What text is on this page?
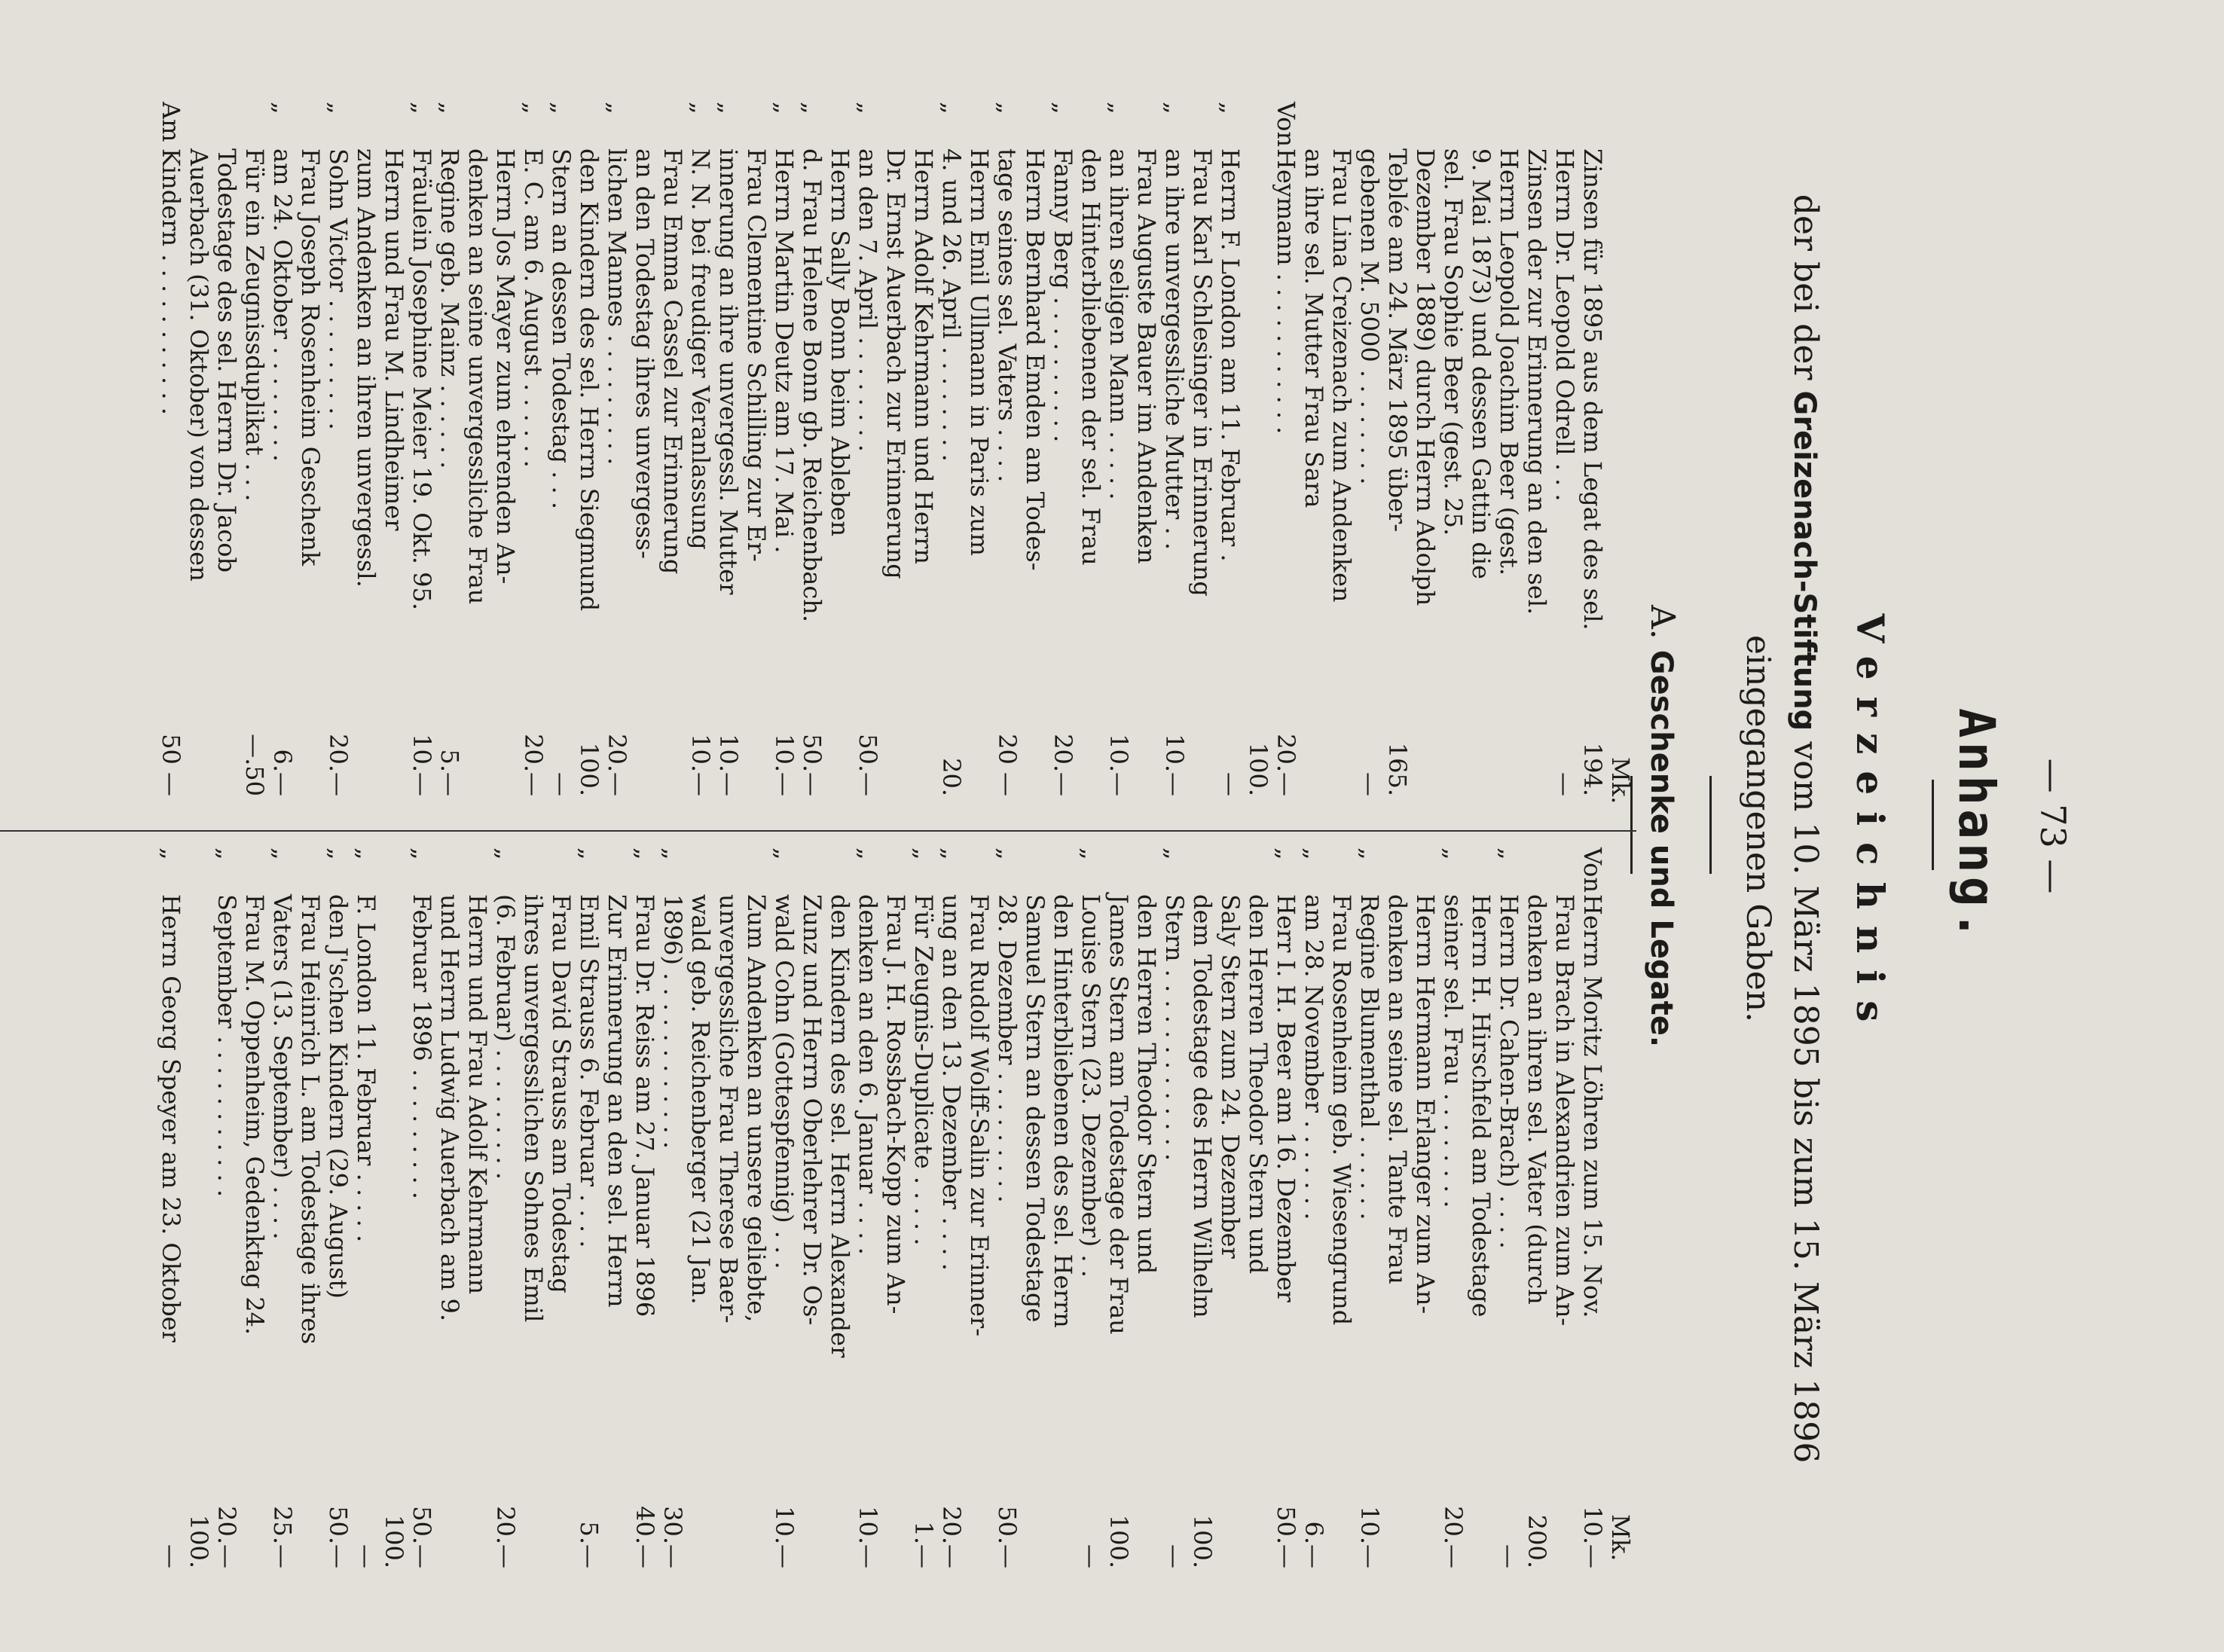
— 73 —
Anhang.
Verzeichnis
der bei der Greizenach-Stiftung vom 10. März 1895 bis zum 15. März 1896
eingegangenen Gaben.
A. Geschenke und Legate.
Mk.
Zinsen für 1895 aus dem Legat des sel.
Herrn Dr. Leopold Odrell . . .
194.—
Zinsen der zur Erinnerung an den sel.
Herrn Leopold Joachim Beer (gest.
9. Mai 1873) und dessen Gattin die
sel. Frau Sophie Beer (gest. 25.
Dezember 1889) durch Herrn Adolph
Teblée am 24. März 1895 über-
gebenen M. 5000 . . . . . . . .
165.—
Von
Frau Lina Creizenach zum Andenken
an ihre sel. Mutter Frau Sara
Heymann . . . . . . . . . . .
20.—
„
Herrn F. London am 11. Februar .
100.—
„
Frau Karl Schlesinger in Erinnerung
an ihre unvergessliche Mutter . .
10.—
„
Frau Auguste Bauer im Andenken
an ihren seligen Mann . . . . .
10.—
„
den Hinterbliebenen der sel. Frau
Fanny Berg . . . . . . . . . .
20.—
„
Herrn Bernhard Emden am Todes-
tage seines sel. Vaters . . . .
20 —
„
Herrn Emil Ullmann in Paris zum
4. und 26. April . . . . . . . .
20.
„
Herrn Adolf Kehrmann und Herrn
Dr. Ernst Auerbach zur Erinnerung
an den 7. April . . . . . . . .
50.—
„
Herrn Sally Bonn beim Ableben
d. Frau Helene Bonn gb. Reichenbach.
50.—
„
Herrn Martin Deutz am 17. Mai .
10.—
„
Frau Clementine Schilling zur Er-
innerung an ihre unvergessl. Mutter
10.—
„
N. N. bei freudiger Veranlassung
10.—
„
Frau Emma Cassel zur Erinnerung
an den Todestag ihres unvergess-
lichen Mannes . . . . . . . . .
20.—
„
den Kindern des sel. Herrn Siegmund
Stern an dessen Todestag . . .
100.—
„
E. C. am 6. August . . . . . .
20.—
„
Herrn Jos Mayer zum ehrenden An-
denken an seine unvergessliche Frau
Regine geb. Mainz . . . . . .
5.—
„
Fräulein Josephine Meier 19. Okt. 95.
10.—
„
Herrn und Frau M. Lindheimer
zum Andenken an ihren unvergessl.
Sohn Victor . . . . . . . . .
20.—
„
Frau Joseph Rosenheim Geschenk
am 24. Oktober . . . . . . . .
6.—
Für ein Zeugnissduplikat . . .
—.50
Am
Todestage des sel. Herrn Dr. Jacob
Auerbach (31. Oktober) von dessen
Kindern . . . . . . . . . . .
50 —
Mk.
Von
Herrn Moritz Löhren zum 15. Nov.
10.—
„
Frau Brach in Alexandrien zum An-
denken an ihren sel. Vater (durch
Herrn Dr. Cahen-Brach) . . . .
200.—
„
Herrn H. Hirschfeld am Todestage
seiner sel. Frau . . . . . . . .
20.—
„
Herrn Hermann Erlanger zum An-
denken an seine sel. Tante Frau
Regine Blumenthal . . . . . .
10.—
„
Frau Rosenheim geb. Wiesengrund
am 28. November . . . . . . .
6.—
„
Herr I. H. Beer am 16. Dezember
50.—
„
den Herren Theodor Stern und
Saly Stern zum 24. Dezember
dem Todestage des Herrn Wilhelm
Stern . . . . . . . . . . . . .
100.—
„
den Herren Theodor Stern und
James Stern am Todestage der Frau
Louise Stern (23. Dezember) . .
100.—
„
den Hinterbliebenen des sel. Herrn
Samuel Stern an dessen Todestage
28. Dezember . . . . . . . . .
50.—
„
Frau Rudolf Wolff-Salin zur Erinner-
ung an den 13. Dezember . . . .
20.—
„
Für Zeugnis-Duplicate . . . . .
1.—
„
Frau J. H. Rossbach-Kopp zum An-
denken an den 6. Januar . . . .
10.—
„
den Kindern des sel. Herrn Alexander
Zunz und Herrn Oberlehrer Dr. Os-
wald Cohn (Gottespfennig) . . .
10.—
„
Zum Andenken an unsere geliebte,
unvergessliche Frau Therese Baer-
wald geb. Reichenberger (21 Jan.
1896) . . . . . . . . . . . .
30.—
„
Frau Dr. Reiss am 27. Januar 1896
40.—
„
Zur Erinnerung an den sel. Herrn
Emil Strauss 6. Februar . . . .
5.—
„
Frau David Strauss am Todestag
ihres unvergesslichen Sohnes Emil
(6. Februar) . . . . . . . . .
20.—
„
Herrn und Frau Adolf Kehrmann
und Herrn Ludwig Auerbach am 9.
Februar 1896 . . . . . . . . .
50.—
„
F. London 11. Februar . . . . .
100.—
„
den J'schen Kindern (29. August)
50.—
„
Frau Heinrich L. am Todestage ihres
Vaters (13. September) . . . .
25.—
„
Frau M. Oppenheim, Gedenktag 24.
September . . . . . . . . . . .
20.—
„
Herrn Georg Speyer am 23. Oktober
100.—
